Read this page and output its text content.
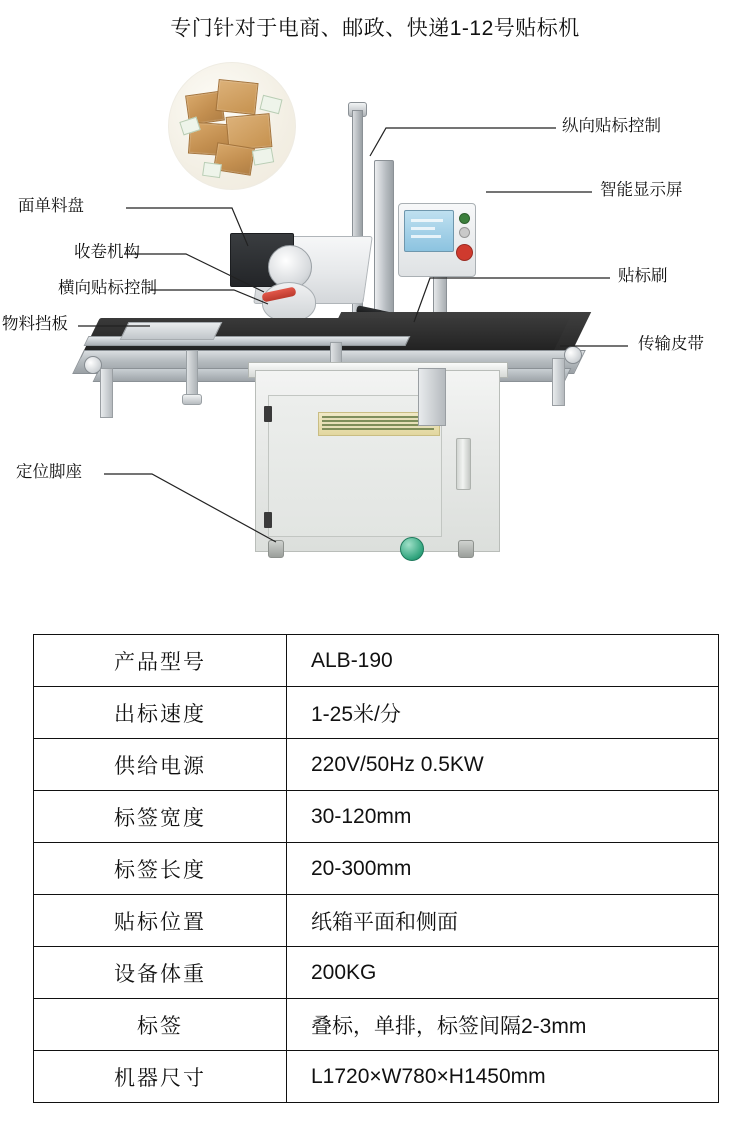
专门针对于电商、邮政、快递1-12号贴标机
纵向贴标控制
智能显示屏
面单料盘
收卷机构
横向贴标控制
贴标刷
物料挡板
传输皮带
定位脚座
产品型号	ALB-190
出标速度	1-25米/分
供给电源	220V/50Hz 0.5KW
标签宽度	30-120mm
标签长度	20-300mm
贴标位置	纸箱平面和侧面
设备体重	200KG
标签	叠标，单排，标签间隔2-3mm
机器尺寸	L1720×W780×H1450mm
